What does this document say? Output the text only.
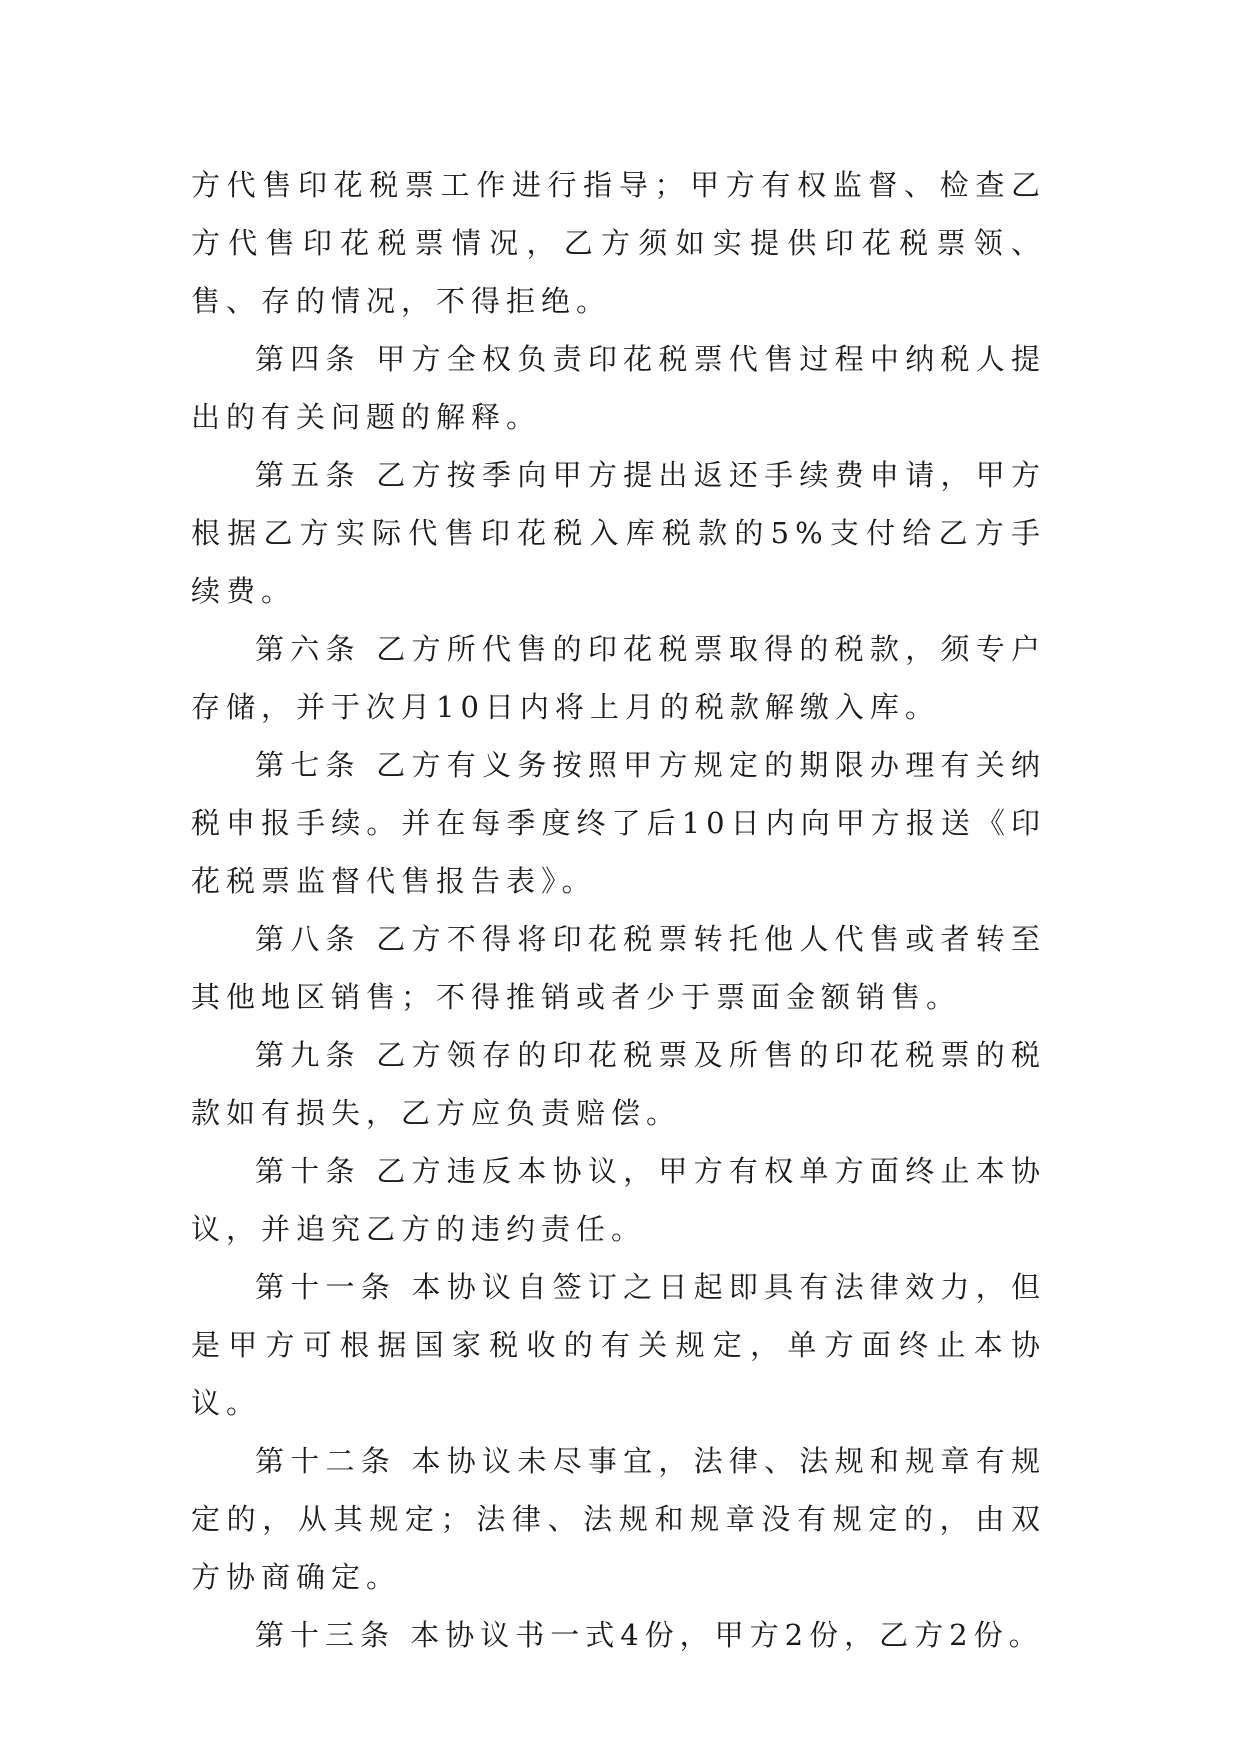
方代售印花税票工作进行指导；甲方有权监督、检查乙方代售印花税票情况，乙方须如实提供印花税票领、售、存的情况，不得拒绝。

第四条 甲方全权负责印花税票代售过程中纳税人提出的有关问题的解释。

第五条 乙方按季向甲方提出返还手续费申请，甲方根据乙方实际代售印花税入库税款的5%支付给乙方手续费。

第六条 乙方所代售的印花税票取得的税款，须专户存储，并于次月10日内将上月的税款解缴入库。

第七条 乙方有义务按照甲方规定的期限办理有关纳税申报手续。并在每季度终了后10日内向甲方报送《印花税票监督代售报告表》。

第八条 乙方不得将印花税票转托他人代售或者转至其他地区销售；不得推销或者少于票面金额销售。

第九条 乙方领存的印花税票及所售的印花税票的税款如有损失，乙方应负责赔偿。

第十条 乙方违反本协议，甲方有权单方面终止本协议，并追究乙方的违约责任。

第十一条 本协议自签订之日起即具有法律效力，但是甲方可根据国家税收的有关规定，单方面终止本协议。

第十二条 本协议未尽事宜，法律、法规和规章有规定的，从其规定；法律、法规和规章没有规定的，由双方协商确定。

第十三条 本协议书一式4份，甲方2份，乙方2份。
